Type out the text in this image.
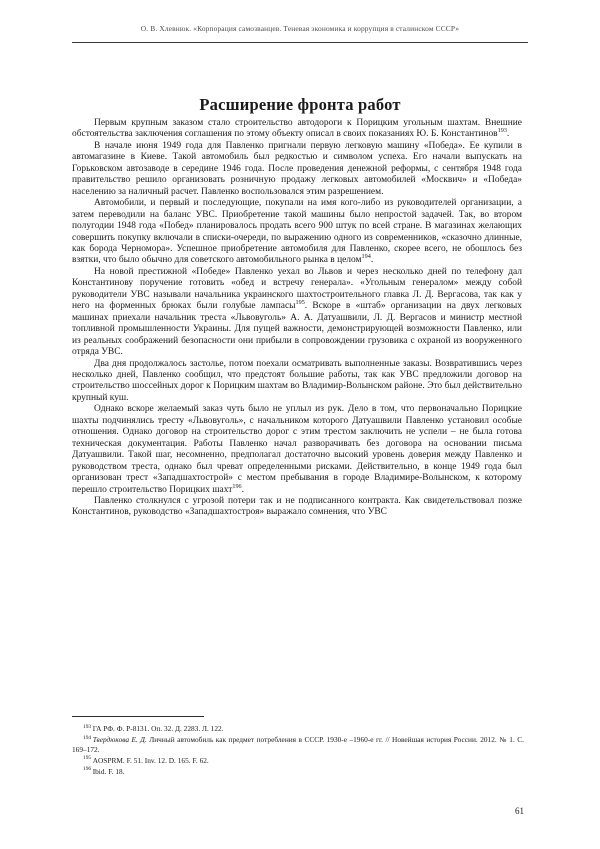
О. В. Хлевнюк. «Корпорация самозванцев. Теневая экономика и коррупция в сталинском СССР»
Расширение фронта работ

Первым крупным заказом стало строительство автодороги к Порицким угольным шахтам. Внешние обстоятельства заключения соглашения по этому объекту описал в своих показаниях Ю. Б. Константинов$^{193}$.

В начале июня 1949 года для Павленко пригнали первую легковую машину «Победа». Ее купили в автомагазине в Киеве. Такой автомобиль был редкостью и символом успеха. Его начали выпускать на Горьковском автозаводе в середине 1946 года. После проведения денежной реформы, с сентября 1948 года правительство решило организовать розничную продажу легковых автомобилей «Москвич» и «Победа» населению за наличный расчет. Павленко воспользовался этим разрешением.

Автомобили, и первый и последующие, покупали на имя кого-либо из руководителей организации, а затем переводили на баланс УВС. Приобретение такой машины было непростой задачей. Так, во втором полугодии 1948 года «Побед» планировалось продать всего 900 штук по всей стране. В магазинах желающих совершить покупку включали в списки-очереди, по выражению одного из современников, «сказочно длинные, как борода Черномора». Успешное приобретение автомобиля для Павленко, скорее всего, не обошлось без взятки, что было обычно для советского автомобильного рынка в целом$^{194}$.

На новой престижной «Победе» Павленко уехал во Львов и через несколько дней по телефону дал Константинову поручение готовить «обед и встречу генерала». «Угольным генералом» между собой руководители УВС называли начальника украинского шахтостроительного главка Л. Д. Вергасова, так как у него на форменных брюках были голубые лампасы$^{195}$. Вскоре в «штаб» организации на двух легковых машинах приехали начальник треста «Львовуголь» А. А. Датуашвили, Л. Д. Вергасов и министр местной топливной промышленности Украины. Для пущей важности, демонстрирующей возможности Павленко, или из реальных соображений безопасности они прибыли в сопровождении грузовика с охраной из вооруженного отряда УВС.

Два дня продолжалось застолье, потом поехали осматривать выполненные заказы. Возвратившись через несколько дней, Павленко сообщил, что предстоят большие работы, так как УВС предложили договор на строительство шоссейных дорог к Порицким шахтам во Владимир-Волынском районе. Это был действительно крупный куш.

Однако вскоре желаемый заказ чуть было не уплыл из рук. Дело в том, что первоначально Порицкие шахты подчинялись тресту «Львовуголь», с начальником которого Датуашвили Павленко установил особые отношения. Однако договор на строительство дорог с этим трестом заключить не успели – не была готова техническая документация. Работы Павленко начал разворачивать без договора на основании письма Датуашвили. Такой шаг, несомненно, предполагал достаточно высокий уровень доверия между Павленко и руководством треста, однако был чреват определенными рисками. Действительно, в конце 1949 года был организован трест «Западшахтострой» с местом пребывания в городе Владимире-Волынском, к которому перешло строительство Порицких шахт$^{196}$.

Павленко столкнулся с угрозой потери так и не подписанного контракта. Как свидетельствовал позже Константинов, руководство «Западшахтостроя» выражало сомнения, что УВС

$^{193}$ ГА РФ. Ф. Р-8131. Оп. 32. Д. 2283. Л. 122.

$^{194}$ Твердюкова Е. Д. Личный автомобиль как предмет потребления в СССР. 1930-е –1960-е гг. // Новейшая история России. 2012. № 1. С. 169–172.

$^{195}$ AOSPRM. F. 51. Inv. 12. D. 165. F. 62.

$^{196}$ Ibid. F. 18.

61
